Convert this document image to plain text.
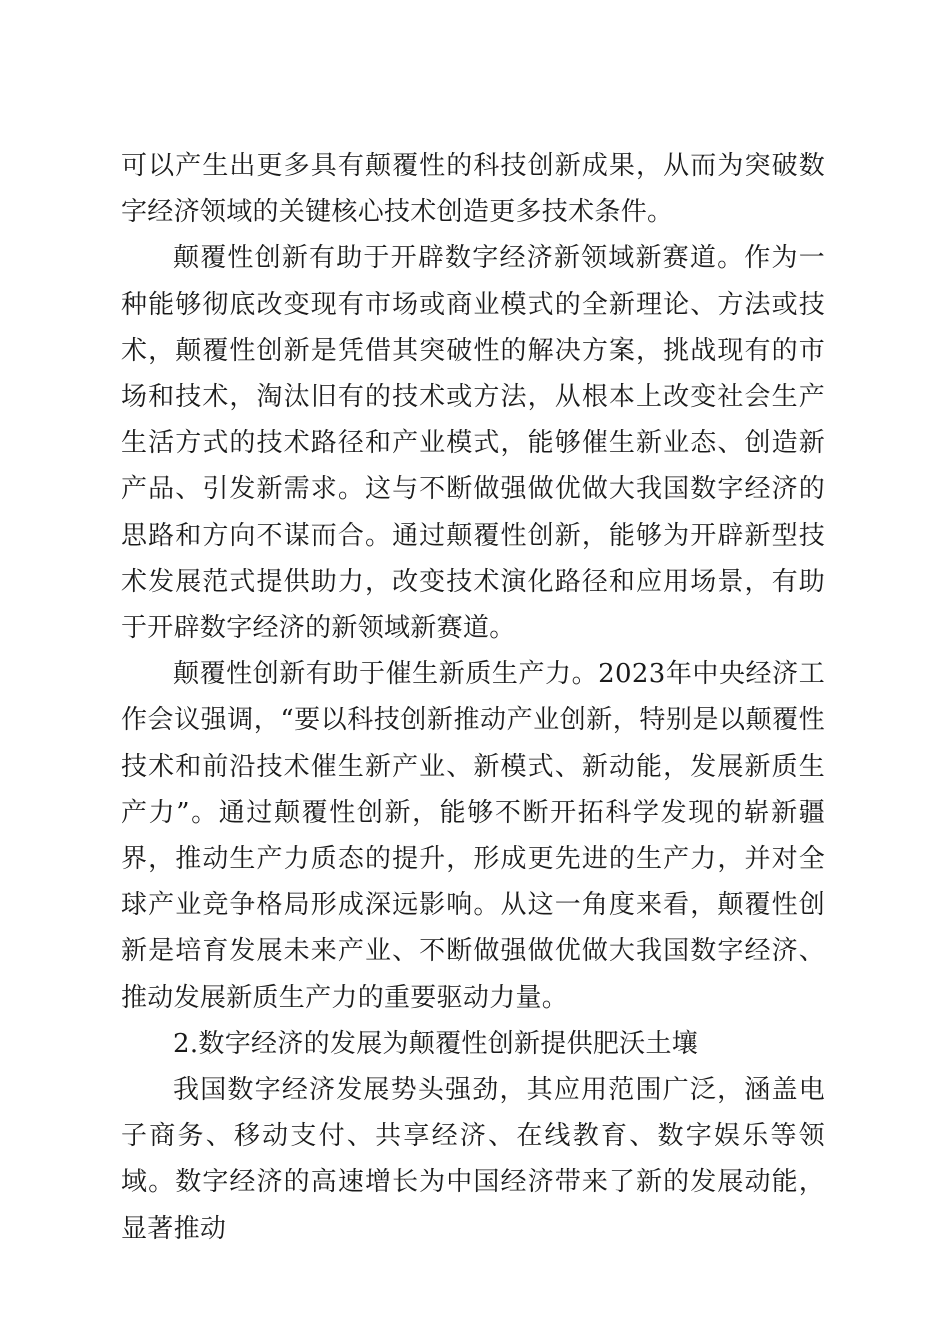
可以产生出更多具有颠覆性的科技创新成果，从而为突破数字经济领域的关键核心技术创造更多技术条件。

颠覆性创新有助于开辟数字经济新领域新赛道。作为一种能够彻底改变现有市场或商业模式的全新理论、方法或技术，颠覆性创新是凭借其突破性的解决方案，挑战现有的市场和技术，淘汰旧有的技术或方法，从根本上改变社会生产生活方式的技术路径和产业模式，能够催生新业态、创造新产品、引发新需求。这与不断做强做优做大我国数字经济的思路和方向不谋而合。通过颠覆性创新，能够为开辟新型技术发展范式提供助力，改变技术演化路径和应用场景，有助于开辟数字经济的新领域新赛道。

颠覆性创新有助于催生新质生产力。2023年中央经济工作会议强调，“要以科技创新推动产业创新，特别是以颠覆性技术和前沿技术催生新产业、新模式、新动能，发展新质生产力”。通过颠覆性创新，能够不断开拓科学发现的崭新疆界，推动生产力质态的提升，形成更先进的生产力，并对全球产业竞争格局形成深远影响。从这一角度来看，颠覆性创新是培育发展未来产业、不断做强做优做大我国数字经济、推动发展新质生产力的重要驱动力量。

2.数字经济的发展为颠覆性创新提供肥沃土壤

我国数字经济发展势头强劲，其应用范围广泛，涵盖电子商务、移动支付、共享经济、在线教育、数字娱乐等领域。数字经济的高速增长为中国经济带来了新的发展动能，显著推动
